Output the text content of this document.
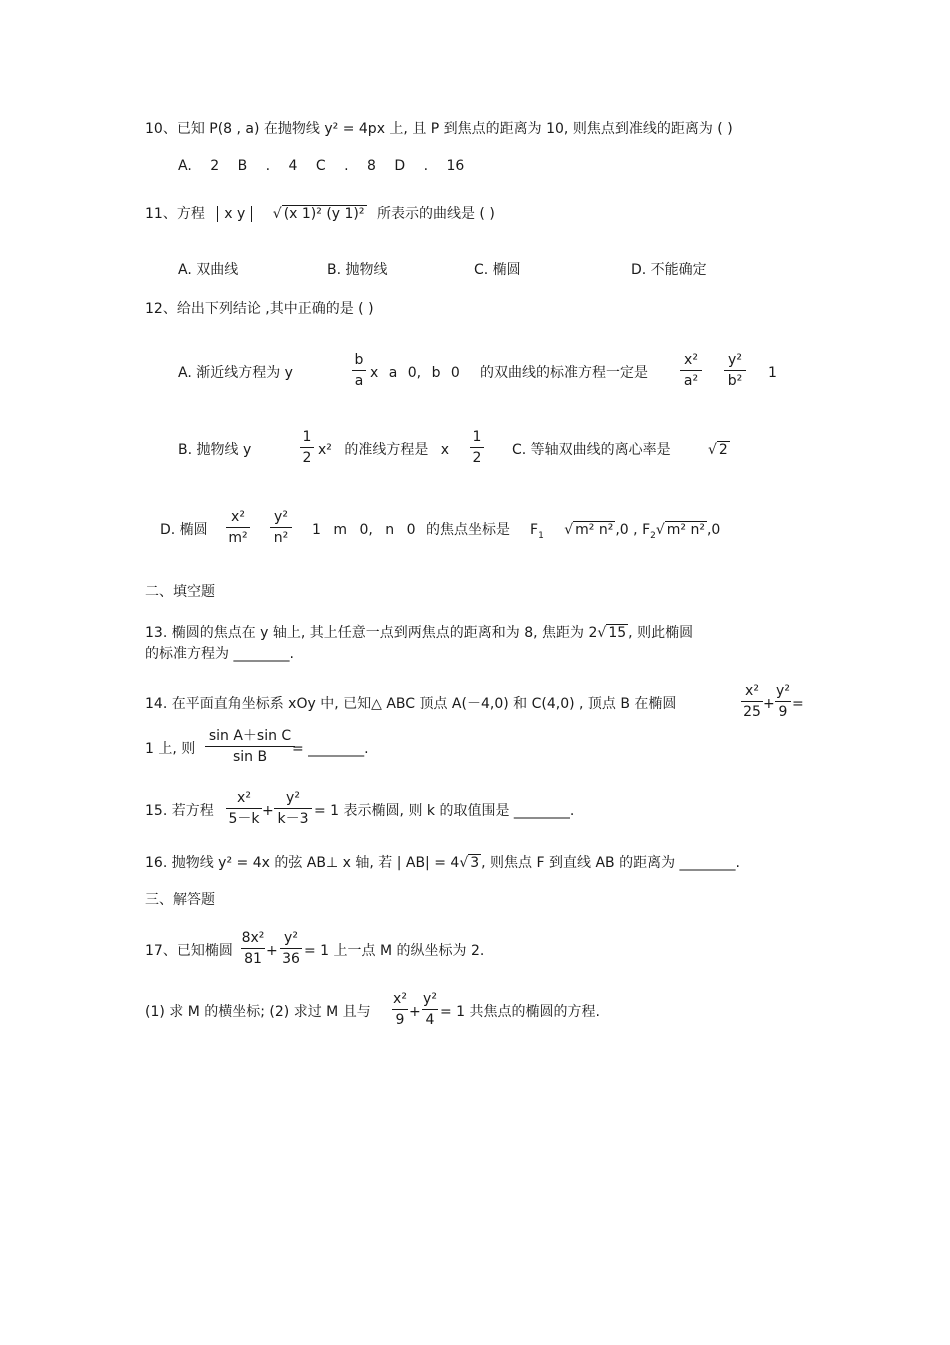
10、已知 P(8 , a) 在抛物线 y² = 4px 上, 且 P 到焦点的距离为 10, 则焦点到准线的距离为 ( )
A. 2 B . 4 C . 8 D . 16
11、方程 x y √ (x 1)² (y 1)² 所表示的曲线是 ( )
A. 双曲线	B. 抛物线	C. 椭圆	D. 不能确定
12、给出下列结论 ,其中正确的是 ( )
A. 渐近线方程为 y
b
a x a 0, b 0 的双曲线的标准方程一定是
x²
a²
y²
b² 1
B. 抛物线 y
1
2 x² 的准线方程是 x
1
2 C. 等轴双曲线的离心率是	√ 2
D. 椭圆
x²
m²
y²
n² 1 m 0, n 0 的焦点坐标是 $F_1$ √ m² n² ,0 , $F_2√$ m² n² ,0
二、填空题
13. 椭圆的焦点在 y 轴上, 其上任意一点到两焦点的距离和为 8, 焦距为 2√ 15 , 则此椭圆
的标准方程为 ________.
14. 在平面直角坐标系 xOy 中, 已知△ ABC 顶点 A(－4,0) 和 C(4,0) , 顶点 B 在椭圆
x²
25 +
y²
9 =
1 上, 则
sin A＋sin C
sin B	= ________.
15. 若方程
x²
5－k +
y²
k－3 = 1 表示椭圆, 则 k 的取值围是 ________.
16. 抛物线 y² = 4x 的弦 AB⊥ x 轴, 若 | AB| = 4√ 3 , 则焦点 F 到直线 AB 的距离为 ________.
三、解答题
17、已知椭圆
8x²
81 +
y²
36 = 1 上一点 M 的纵坐标为 2.
(1) 求 M 的横坐标; (2) 求过 M 且与
x²
9 +
y²
4 = 1 共焦点的椭圆的方程.
